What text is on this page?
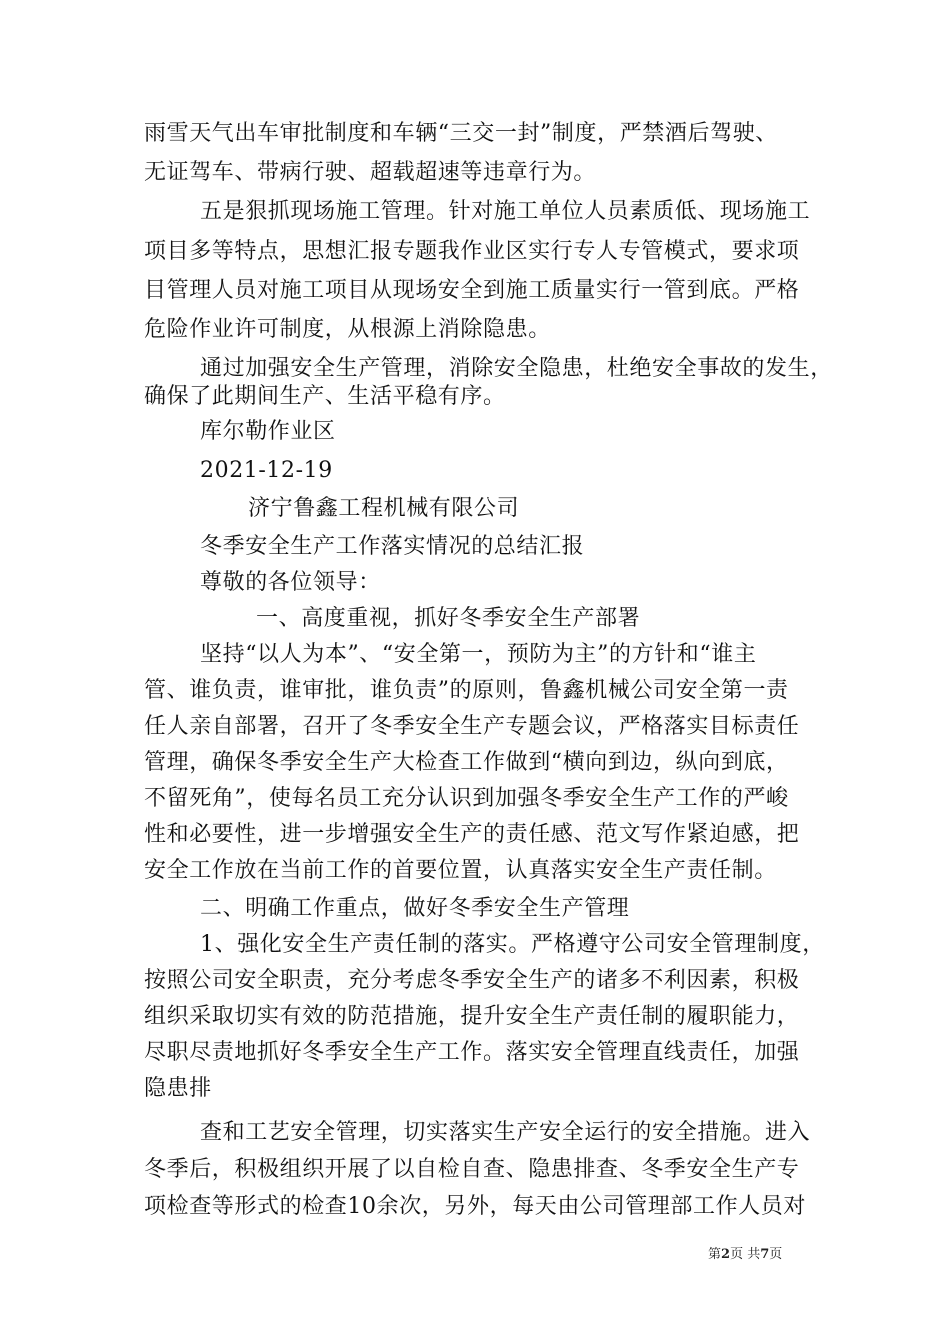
雨雪天气出车审批制度和车辆“三交一封”制度，严禁酒后驾驶、
无证驾车、带病行驶、超载超速等违章行为。
五是狠抓现场施工管理。针对施工单位人员素质低、现场施工
项目多等特点，思想汇报专题我作业区实行专人专管模式，要求项
目管理人员对施工项目从现场安全到施工质量实行一管到底。严格
危险作业许可制度，从根源上消除隐患。
通过加强安全生产管理，消除安全隐患，杜绝安全事故的发生，
确保了此期间生产、生活平稳有序。
库尔勒作业区
2021-12-19
济宁鲁鑫工程机械有限公司
冬季安全生产工作落实情况的总结汇报
尊敬的各位领导：
一、高度重视，抓好冬季安全生产部署
坚持“以人为本”、“安全第一，预防为主”的方针和“谁主
管、谁负责，谁审批，谁负责”的原则，鲁鑫机械公司安全第一责
任人亲自部署，召开了冬季安全生产专题会议，严格落实目标责任
管理，确保冬季安全生产大检查工作做到“横向到边，纵向到底，
不留死角”，使每名员工充分认识到加强冬季安全生产工作的严峻
性和必要性，进一步增强安全生产的责任感、范文写作紧迫感，把
安全工作放在当前工作的首要位置，认真落实安全生产责任制。
二、明确工作重点，做好冬季安全生产管理
1、强化安全生产责任制的落实。严格遵守公司安全管理制度，
按照公司安全职责，充分考虑冬季安全生产的诸多不利因素，积极
组织采取切实有效的防范措施，提升安全生产责任制的履职能力，
尽职尽责地抓好冬季安全生产工作。落实安全管理直线责任，加强
隐患排
查和工艺安全管理，切实落实生产安全运行的安全措施。进入
冬季后，积极组织开展了以自检自查、隐患排查、冬季安全生产专
项检查等形式的检查10余次，另外，每天由公司管理部工作人员对
第2页 共7页
